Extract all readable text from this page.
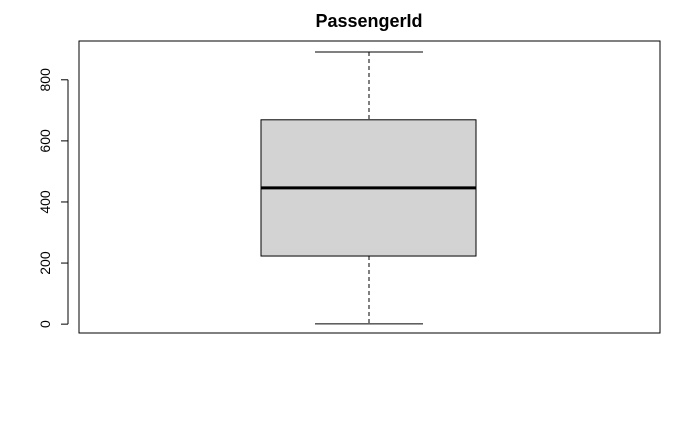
PassengerId
0
200
400
600
800
